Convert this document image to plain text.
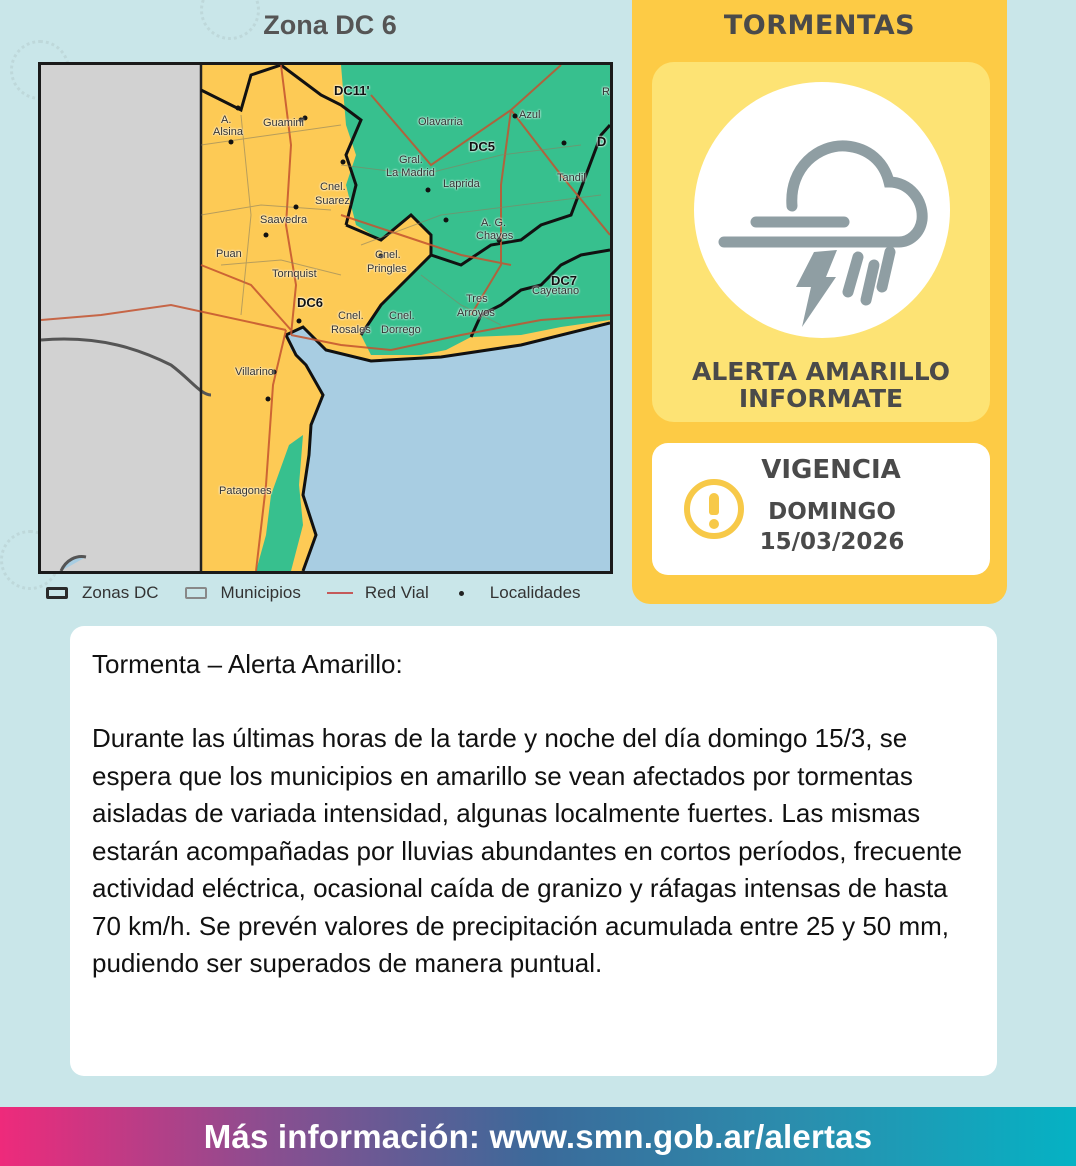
Zona DC 6
DC11'
DC5
DC6
DC7
D
R
A.
Alsina
Guamini	Olavarria
Azul
Gral.
La Madrid
Laprida	Tandil
Cnel.
Suarez
Saavedra	A. G.
Chaves
Puan
Tornquist
Cnel.
Pringles
Tres
Arroyos
Cayetano
Cnel.
Rosales
Cnel.
Dorrego
Villarino
Patagones
Zonas DC	Municipios	Red Vial	Localidades
TORMENTAS
ALERTA AMARILLO
INFORMATE
VIGENCIA
DOMINGO
15/03/2026
Tormenta – Alerta Amarillo:
Durante las últimas horas de la tarde y noche del día domingo 15/3, se espera que los municipios en amarillo se vean afectados por tormentas aisladas de variada intensidad, algunas localmente fuertes. Las mismas estarán acompañadas por lluvias abundantes en cortos períodos, frecuente actividad eléctrica, ocasional caída de granizo y ráfagas intensas de hasta 70 km/h. Se prevén valores de precipitación acumulada entre 25 y 50 mm, pudiendo ser superados de manera puntual.
Más información: www.smn.gob.ar/alertas
